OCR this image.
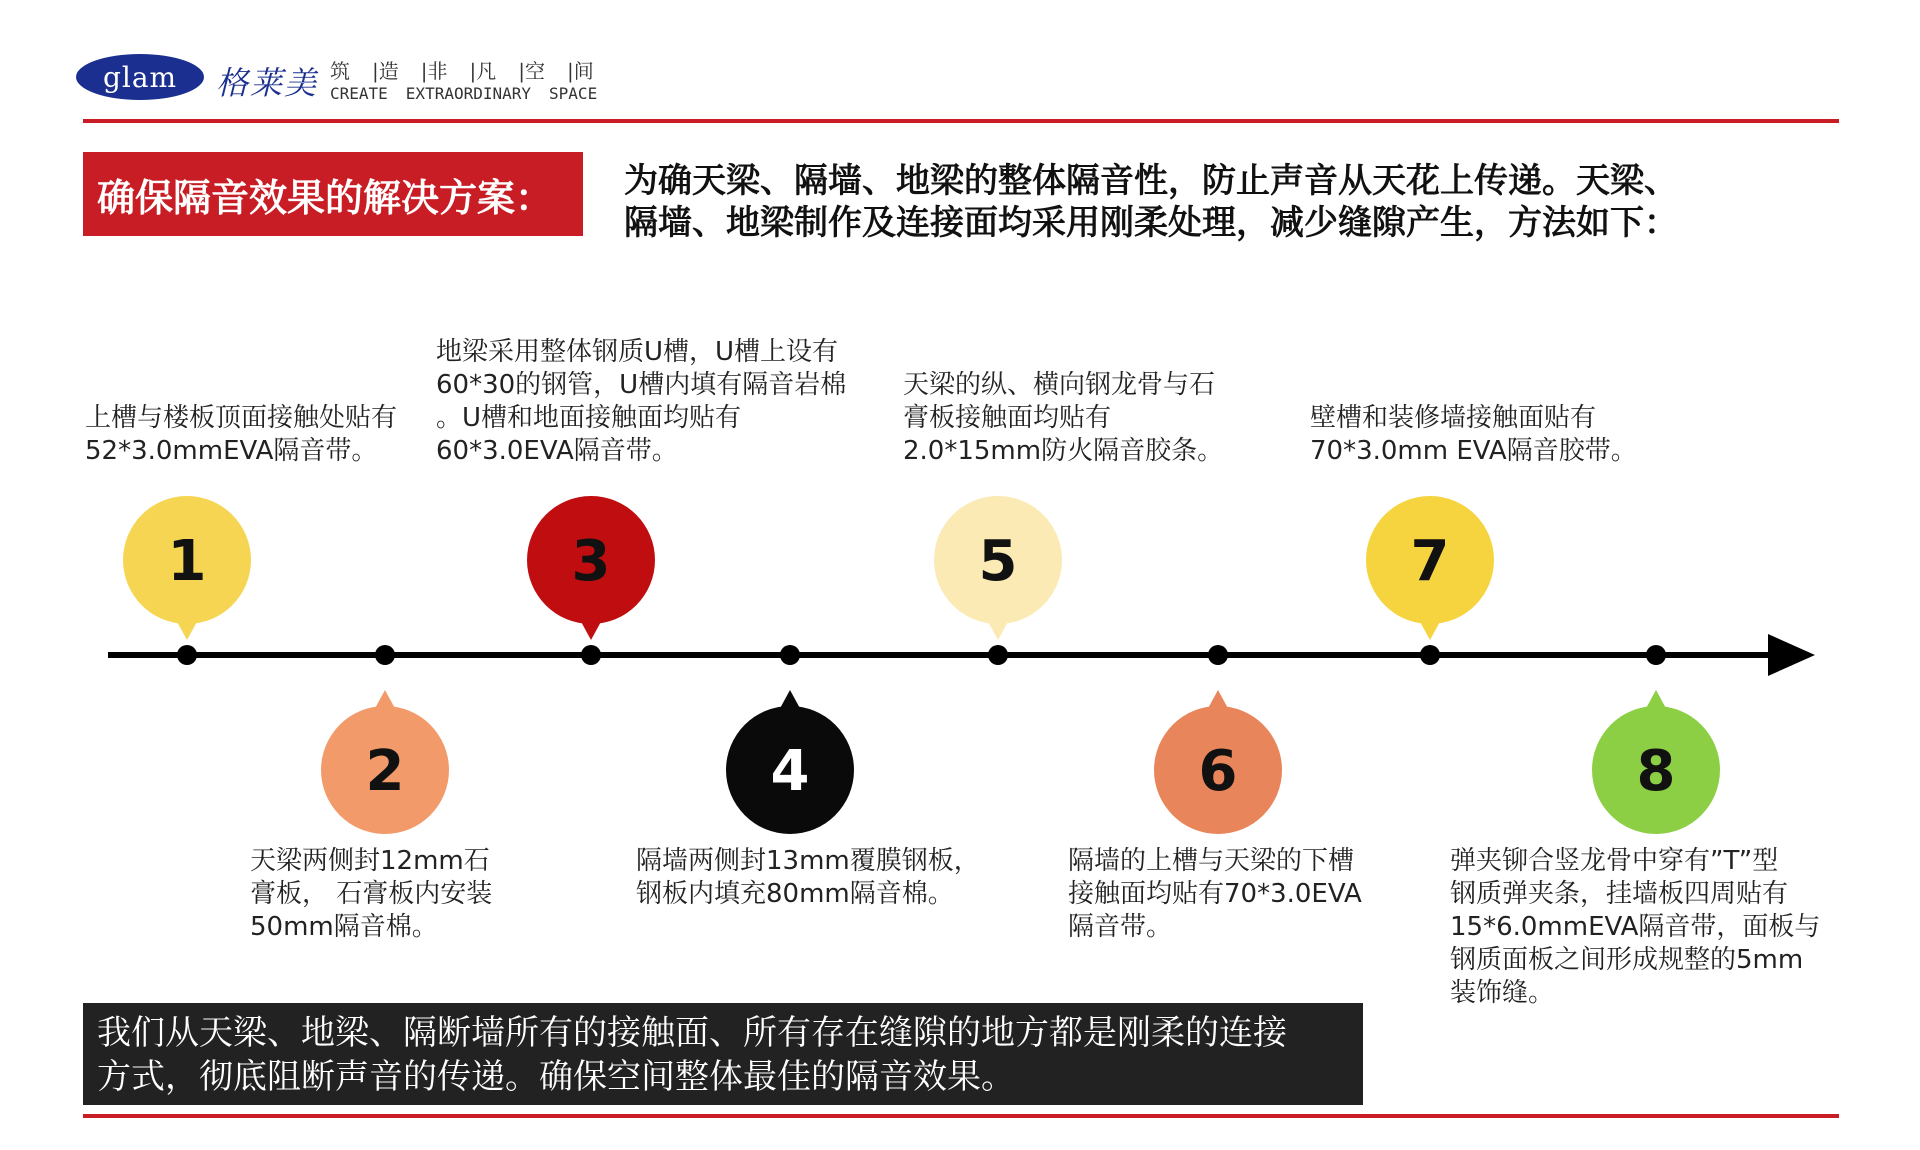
glam	格莱美 筑 |造 |非 |凡 |空 |间
CREATE EXTRAORDINARY SPACE
确保隔音效果的解决方案：	为确天梁、隔墙、地梁的整体隔音性，防止声音从天花上传递。天梁、
隔墙、地梁制作及连接面均采用刚柔处理，减少缝隙产生，方法如下：
1
2
3
4
5
6
7
8
上槽与楼板顶面接触处贴有
52*3.0mmEVA隔音带。
天梁两侧封12mm石
膏板， 石膏板内安装
50mm隔音棉。
地梁采用整体钢质U槽，U槽上设有
60*30的钢管，U槽内填有隔音岩棉
。U槽和地面接触面均贴有
60*3.0EVA隔音带。
隔墙两侧封13mm覆膜钢板，
钢板内填充80mm隔音棉。
天梁的纵、横向钢龙骨与石
膏板接触面均贴有
2.0*15mm防火隔音胶条。
隔墙的上槽与天梁的下槽
接触面均贴有70*3.0EVA
隔音带。
壁槽和装修墙接触面贴有
70*3.0mm EVA隔音胶带。
弹夹铆合竖龙骨中穿有”T”型
钢质弹夹条，挂墙板四周贴有
15*6.0mmEVA隔音带，面板与
钢质面板之间形成规整的5mm
装饰缝。
我们从天梁、地梁、隔断墙所有的接触面、所有存在缝隙的地方都是刚柔的连接
方式，彻底阻断声音的传递。确保空间整体最佳的隔音效果。
